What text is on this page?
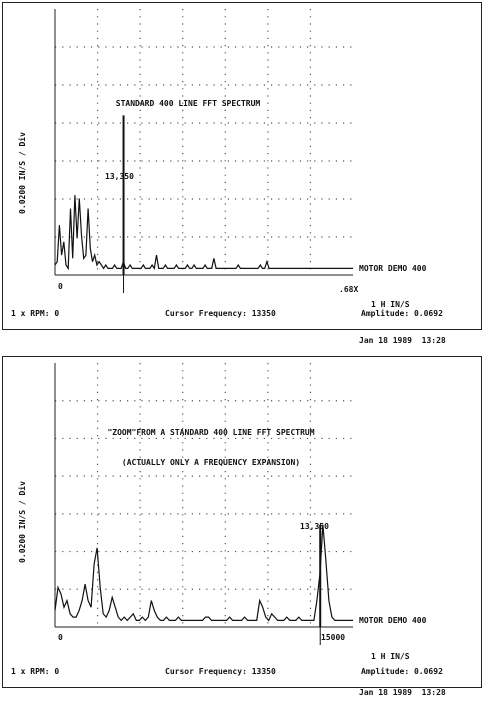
STANDARD 400 LINE FFT SPECTRUM
0.0200 IN/S / Div
0	.68X
13,350

MOTOR DEMO 400

1 H IN/S

Jan 18 1989 13:28

1 x RPM: 0	Cursor Frequency: 13350	Amplitude: 0.0692
"ZOOM"FROM A STANDARD 400 LINE FFT SPECTRUM
(ACTUALLY ONLY A FREQUENCY EXPANSION)
0.0200 IN/S / Div
0	15000
13,350

MOTOR DEMO 400

1 H IN/S

Jan 18 1989 13:28

1 x RPM: 0	Cursor Frequency: 13350	Amplitude: 0.0692
